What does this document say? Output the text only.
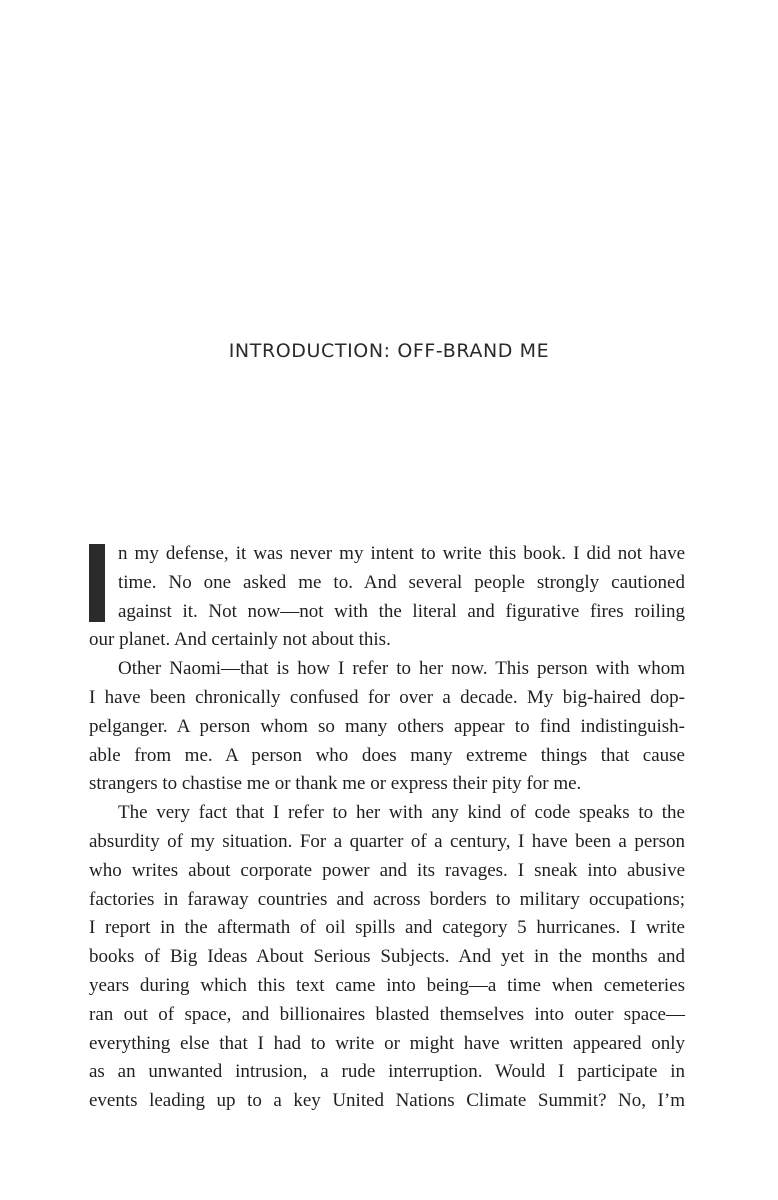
INTRODUCTION: OFF-BRAND ME
n my defense, it was never my intent to write this book. I did not have
time. No one asked me to. And several people strongly cautioned
against it. Not now—not with the literal and figurative fires roiling
our planet. And certainly not about this.
Other Naomi—that is how I refer to her now. This person with whom
I have been chronically confused for over a decade. My big-haired dop-
pelganger. A person whom so many others appear to find indistinguish-
able from me. A person who does many extreme things that cause
strangers to chastise me or thank me or express their pity for me.
The very fact that I refer to her with any kind of code speaks to the
absurdity of my situation. For a quarter of a century, I have been a person
who writes about corporate power and its ravages. I sneak into abusive
factories in faraway countries and across borders to military occupations;
I report in the aftermath of oil spills and category 5 hurricanes. I write
books of Big Ideas About Serious Subjects. And yet in the months and
years during which this text came into being—a time when cemeteries
ran out of space, and billionaires blasted themselves into outer space—
everything else that I had to write or might have written appeared only
as an unwanted intrusion, a rude interruption. Would I participate in
events leading up to a key United Nations Climate Summit? No, I’m
